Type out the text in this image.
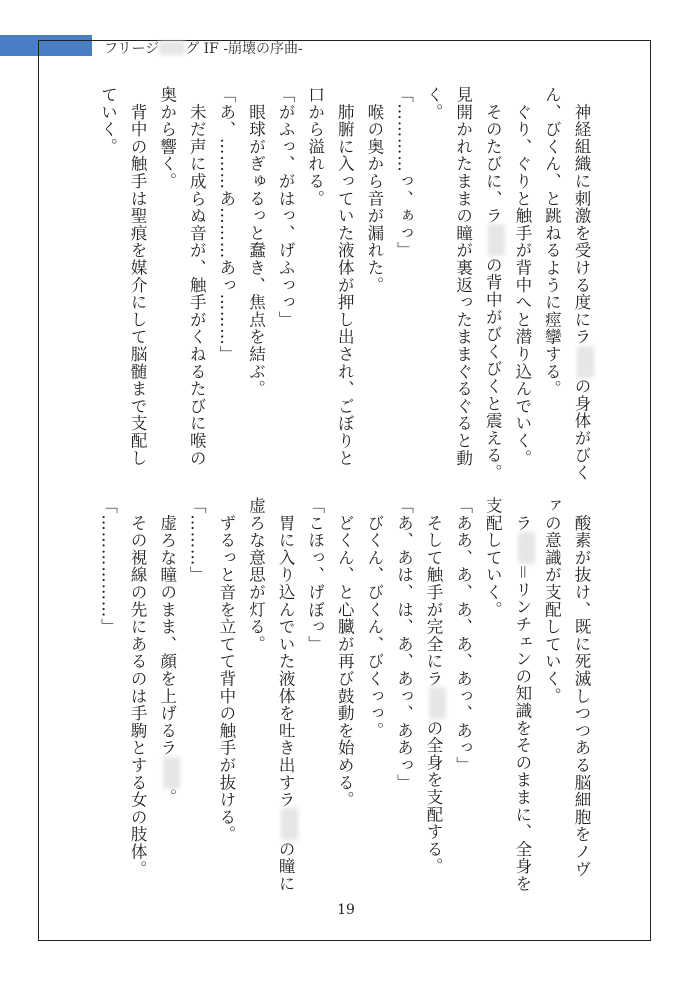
フリージ グ IF -崩壊の序曲-
　神経組織に刺激を受ける度にラの身体がびく
ん、びくん、と跳ねるように痙攣する。
　ぐり、ぐりと触手が背中へと潜り込んでいく。
　そのたびに、ラの背中がびくびくと震える。
見開かれたままの瞳が裏返ったままぐるぐると動
く。
「…………っ、ぁっ」
　喉の奥から音が漏れた。
　肺腑に入っていた液体が押し出され、ごぼりと
口から溢れる。
「がふっ、がはっ、げふっっ」
　眼球がぎゅるっと蠢き、焦点を結ぶ。
「あ、………あ………あっ………」
　未だ声に成らぬ音が、触手がくねるたびに喉の
奥から響く。
　背中の触手は聖痕を媒介にして脳髄まで支配し
ていく。
　酸素が抜け、既に死滅しつつある脳細胞をノヴ
ァの意識が支配していく。
　ラ＝リンチェンの知識をそのままに、全身を
支配していく。
「ああ、あ、あ、あ、あっ、あっ」
　そして触手が完全にラの全身を支配する。
「あ、あは、は、あ、あっ、ああっ」
　びくん、びくん、びくっっ。
　どくん、と心臓が再び鼓動を始める。
「こほっ、げぼっ」
　胃に入り込んでいた液体を吐き出すラの瞳に
虚ろな意思が灯る。
　ずるっと音を立てて背中の触手が抜ける。
「………」
　虚ろな瞳のまま、顔を上げるラ。
　その視線の先にあるのは手駒とする女の肢体。
「………………」
19
